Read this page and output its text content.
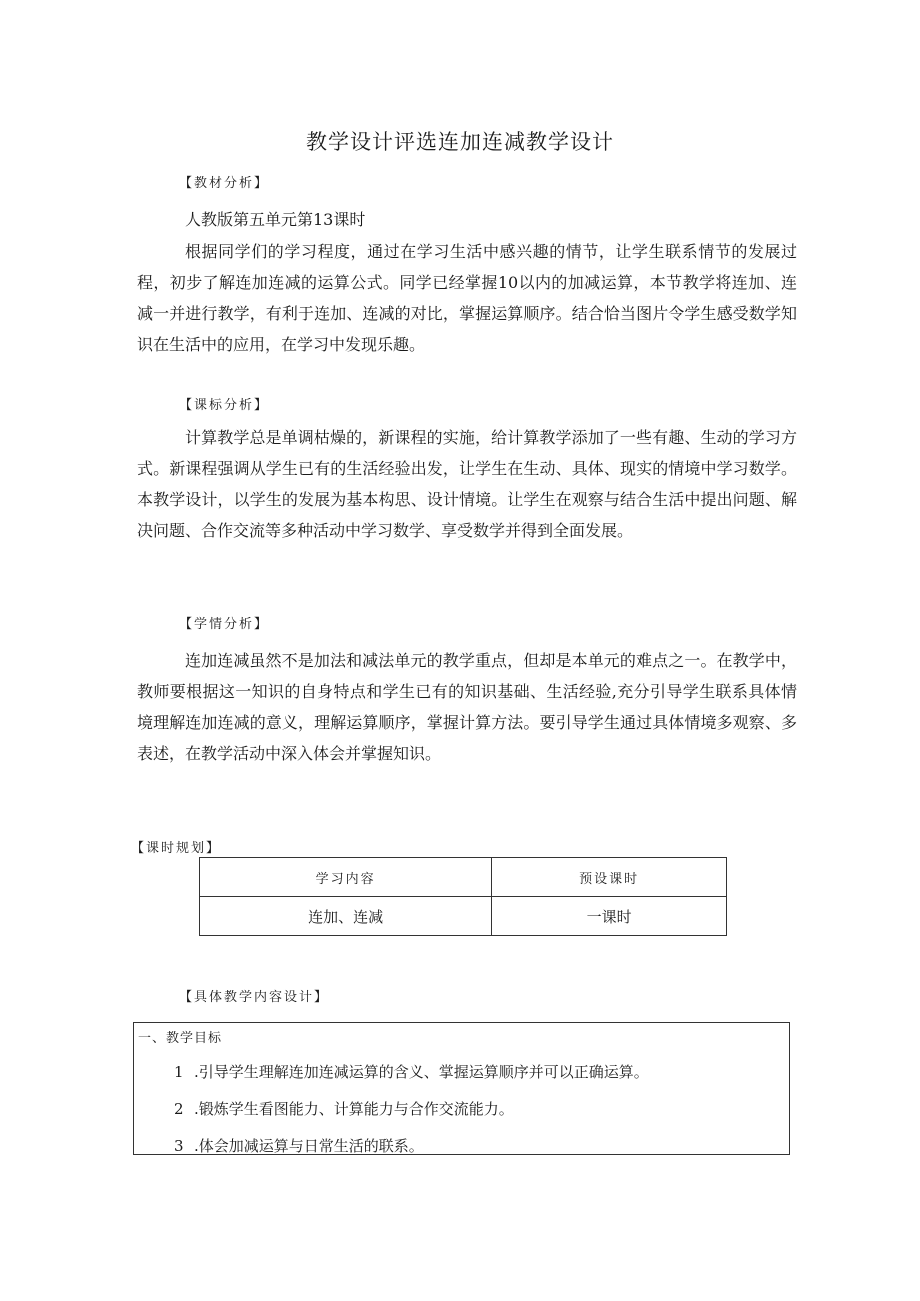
教学设计评选连加连减教学设计
【教材分析】
人教版第五单元第13课时

根据同学们的学习程度，通过在学习生活中感兴趣的情节，让学生联系情节的发展过程，初步了解连加连减的运算公式。同学已经掌握10以内的加减运算，本节教学将连加、连减一并进行教学，有利于连加、连减的对比，掌握运算顺序。结合恰当图片令学生感受数学知识在生活中的应用，在学习中发现乐趣。

【课标分析】

计算教学总是单调枯燥的，新课程的实施，给计算教学添加了一些有趣、生动的学习方式。新课程强调从学生已有的生活经验出发，让学生在生动、具体、现实的情境中学习数学。本教学设计，以学生的发展为基本构思、设计情境。让学生在观察与结合生活中提出问题、解决问题、合作交流等多种活动中学习数学、享受数学并得到全面发展。

【学情分析】

连加连减虽然不是加法和减法单元的教学重点，但却是本单元的难点之一。在教学中，教师要根据这一知识的自身特点和学生已有的知识基础、生活经验,充分引导学生联系具体情境理解连加连减的意义，理解运算顺序，掌握计算方法。要引导学生通过具体情境多观察、多表述，在教学活动中深入体会并掌握知识。

【课时规划】
学习内容	预设课时
连加、连减	一课时
【具体教学内容设计】
一、教学目标
1 .引导学生理解连加连减运算的含义、掌握运算顺序并可以正确运算。
2 .锻炼学生看图能力、计算能力与合作交流能力。
3 .体会加减运算与日常生活的联系。
